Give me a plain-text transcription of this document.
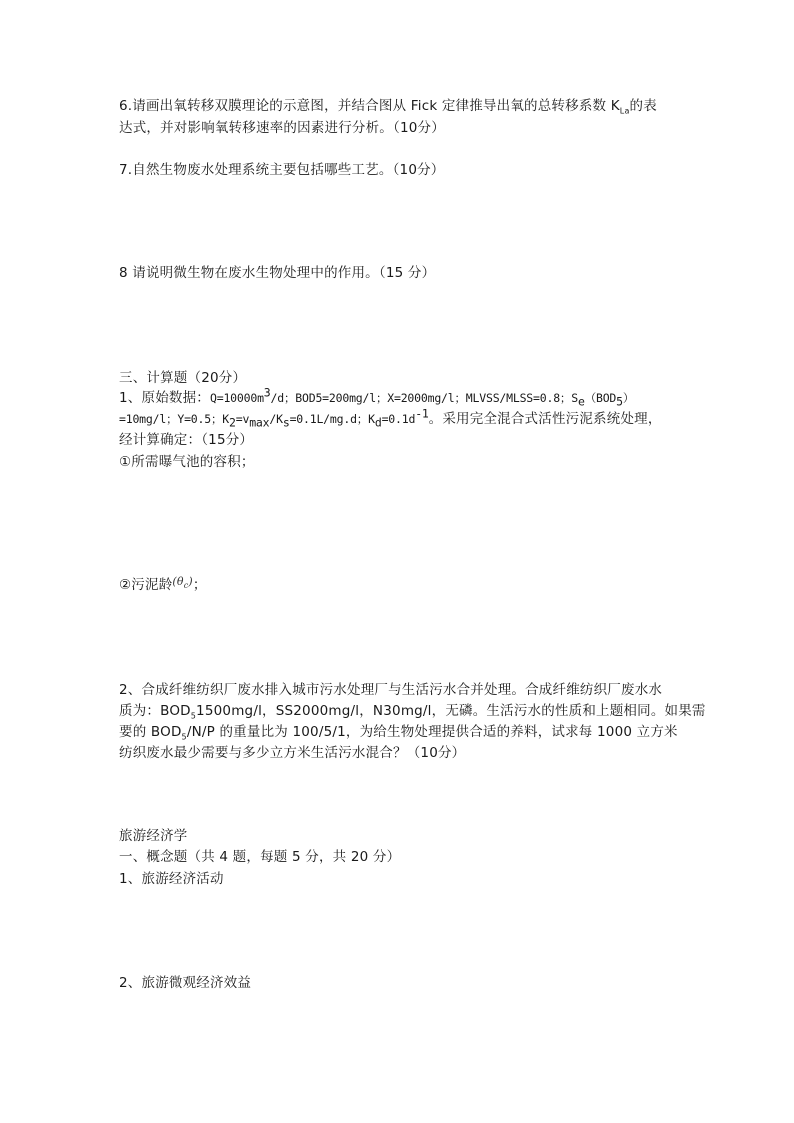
6.请画出氧转移双膜理论的示意图，并结合图从 Fick 定律推导出氧的总转移系数 $K_{La}$的表
达式，并对影响氧转移速率的因素进行分析。（10分）
7.自然生物废水处理系统主要包括哪些工艺。（10分）
8 请说明微生物在废水生物处理中的作用。（15 分）
三、计算题（20分）
1、原始数据：$Q=10000m^3/d$；BOD5=200mg/l；X=2000mg/l；MLVSS/MLSS=0.8；$S_e(BOD_5)$
=10mg/l；Y=0.5；$K_2=v_{max}/K_s=0.1L/mg.d$；$K_d=0.1d^{-1}$。采用完全混合式活性污泥系统处理，
经计算确定：（15分）
①所需曝气池的容积；
②污泥龄$^{(\theta_c)}$；
2、合成纤维纺织厂废水排入城市污水处理厂与生活污水合并处理。合成纤维纺织厂废水水
质为：$BOD_51500mg/l$，SS2000mg/l，N30mg/l，无磷。生活污水的性质和上题相同。如果需
要的 $BOD_5/N/P$ 的重量比为 100/5/1，为给生物处理提供合适的养料，试求每 1000 立方米
纺织废水最少需要与多少立方米生活污水混合？（10分）
旅游经济学
一、概念题（共 4 题，每题 5 分，共 20 分）
1、旅游经济活动
2、旅游微观经济效益
